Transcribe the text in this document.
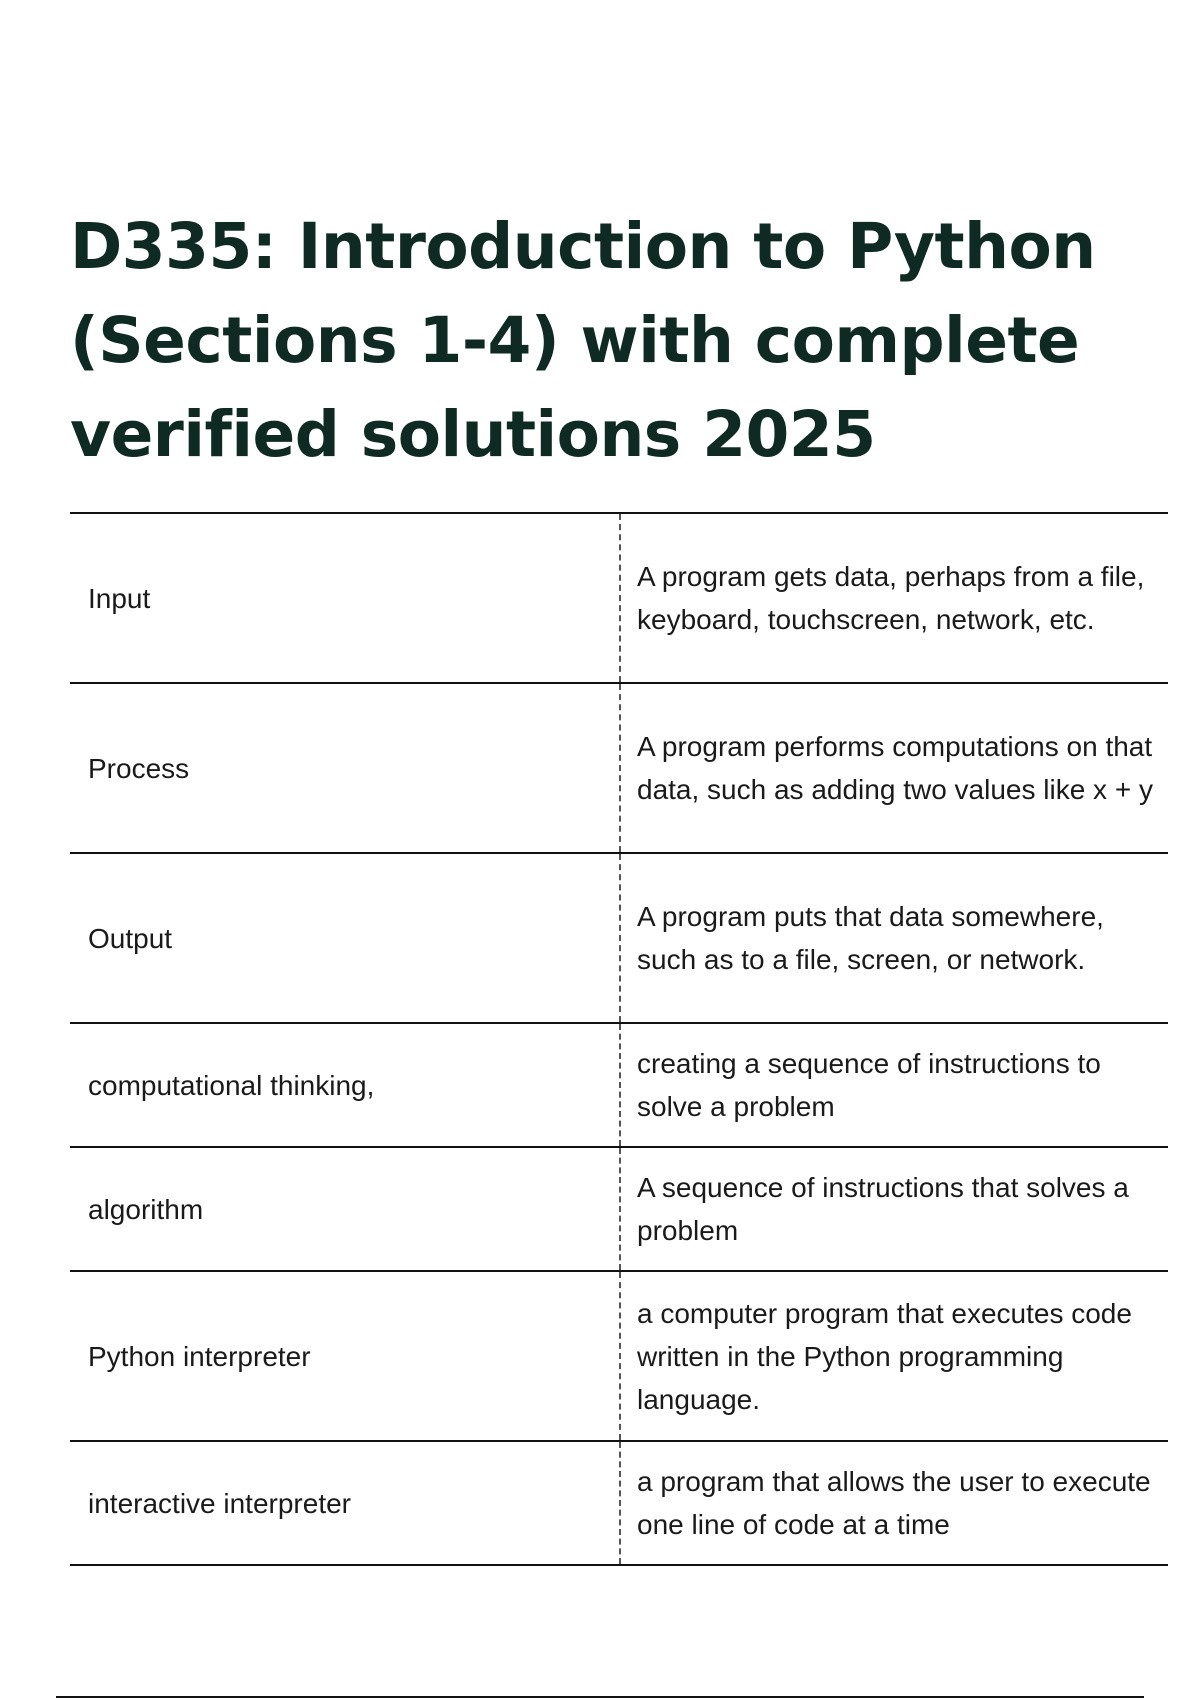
D335: Introduction to Python (Sections 1-4) with complete verified solutions 2025
Input	A program gets data, perhaps from a file, keyboard, touchscreen, network, etc.
Process	A program performs computations on that data, such as adding two values like x + y
Output	A program puts that data somewhere, such as to a file, screen, or network.
computational thinking,	creating a sequence of instructions to solve a problem
algorithm	A sequence of instructions that solves a problem
Python interpreter	a computer program that executes code written in the Python programming language.
interactive interpreter	a program that allows the user to execute one line of code at a time
